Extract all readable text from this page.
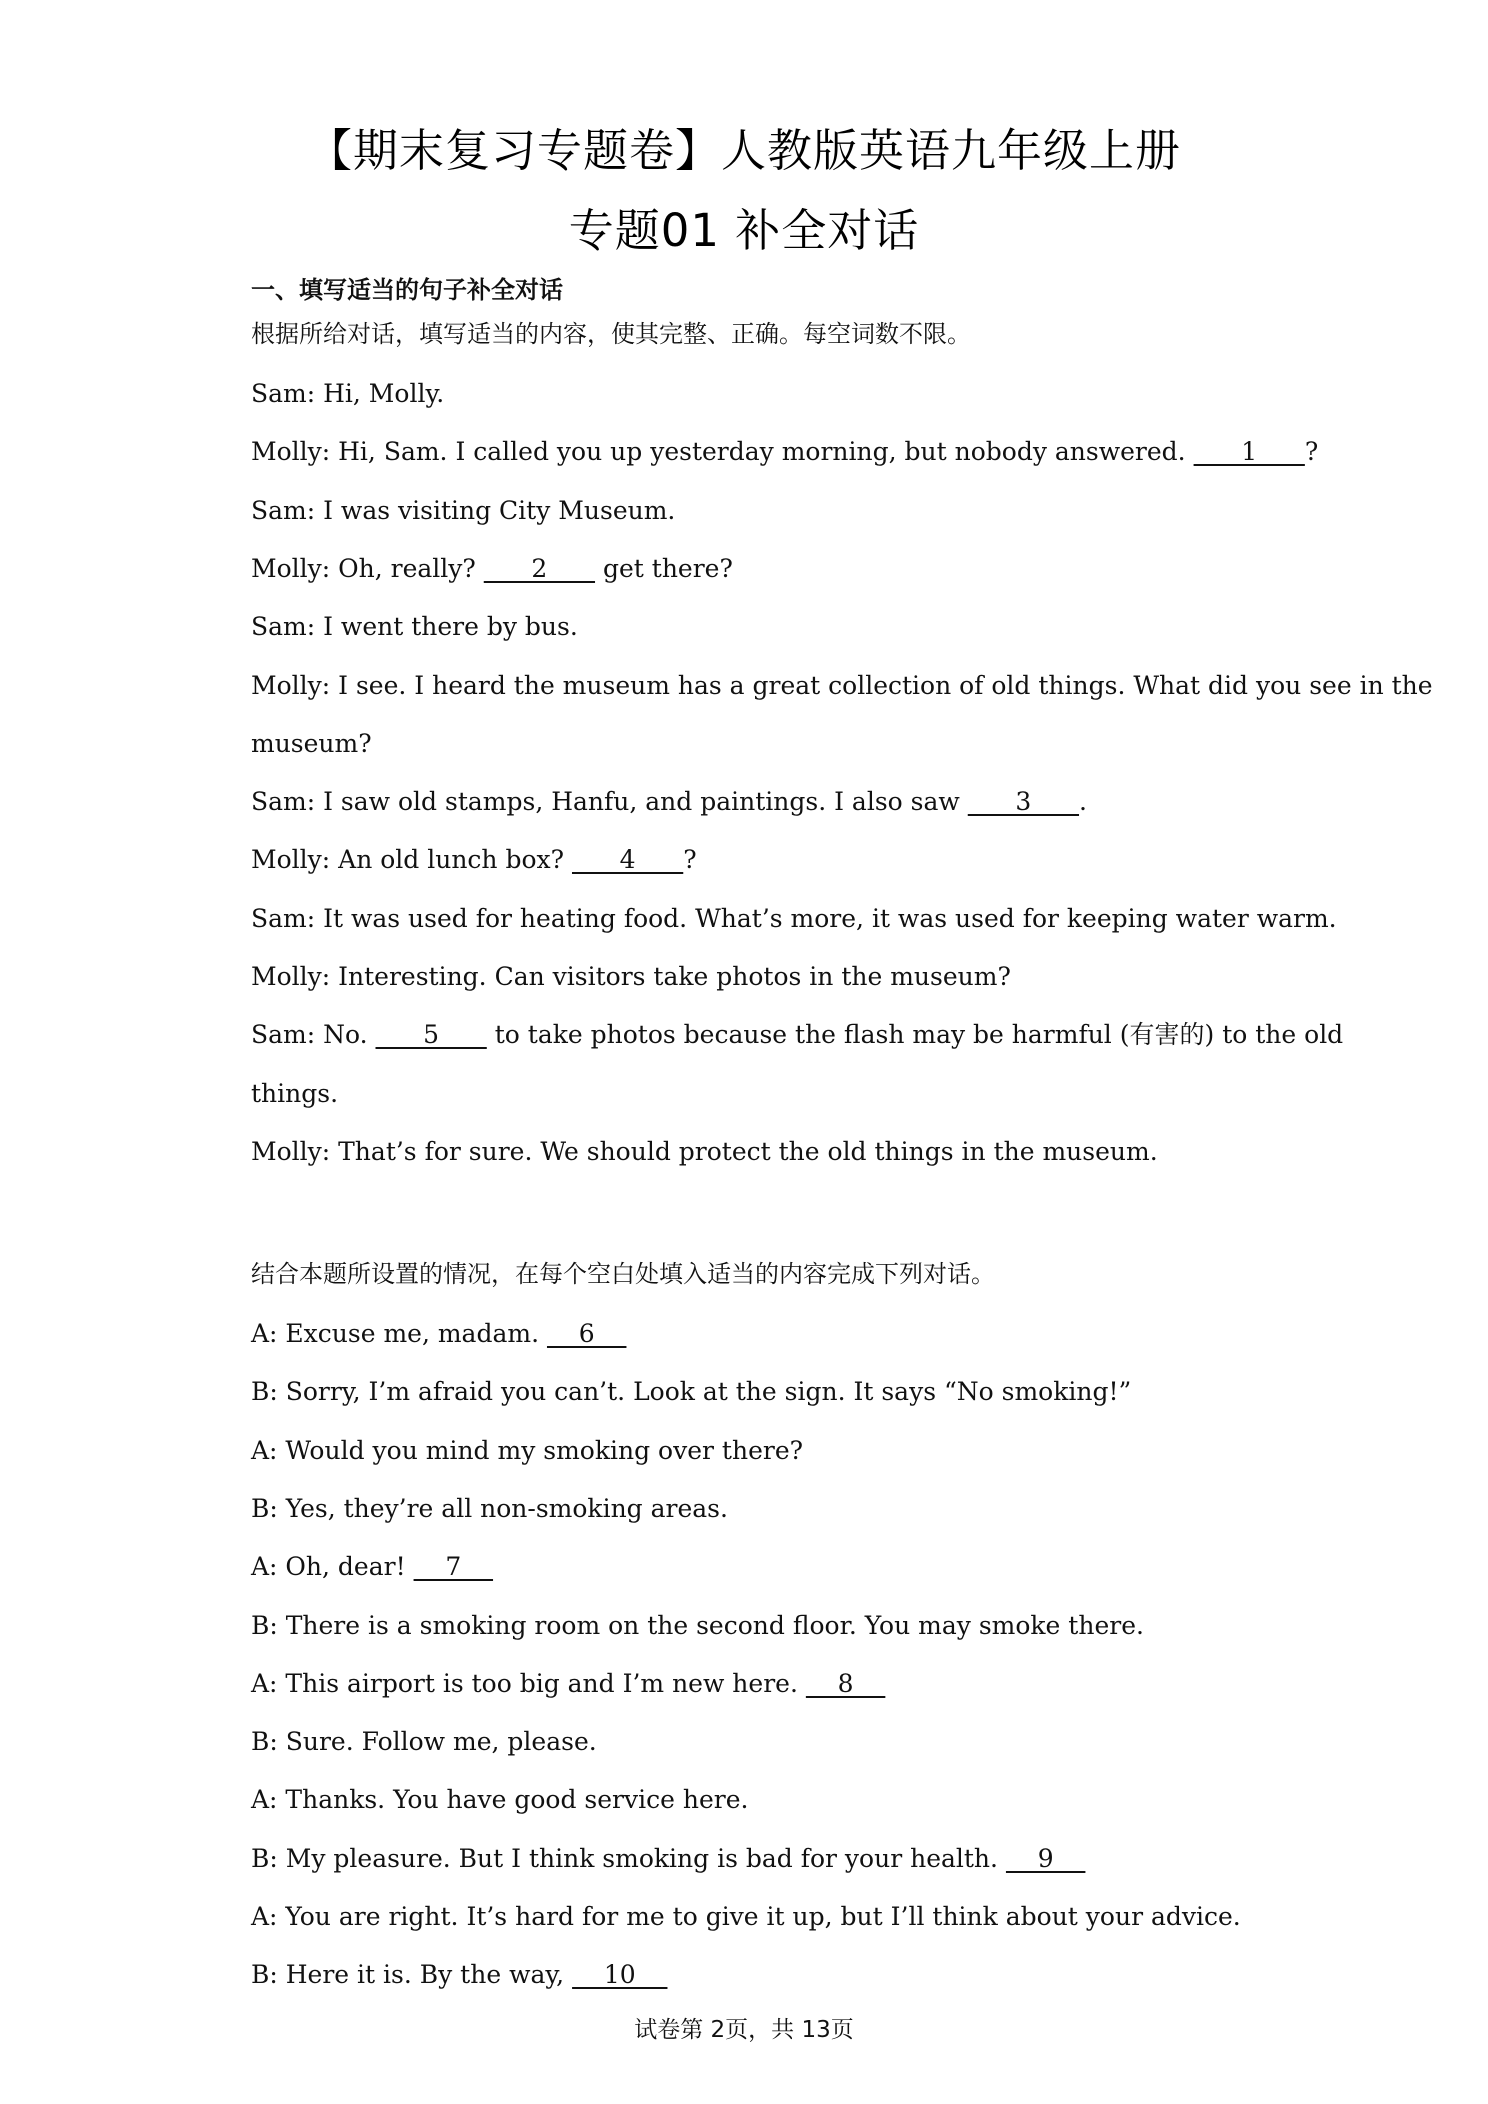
【期末复习专题卷】人教版英语九年级上册
专题01 补全对话
一、填写适当的句子补全对话
根据所给对话，填写适当的内容，使其完整、正确。每空词数不限。
Sam: Hi, Molly.
Molly: Hi, Sam. I called you up yesterday morning, but nobody answered.       1      ?
Sam: I was visiting City Museum.
Molly: Oh, really?       2       get there?
Sam: I went there by bus.
Molly: I see. I heard the museum has a great collection of old things. What did you see in the
museum?
Sam: I saw old stamps, Hanfu, and paintings. I also saw       3      .
Molly: An old lunch box?       4      ?
Sam: It was used for heating food. What’s more, it was used for keeping water warm.
Molly: Interesting. Can visitors take photos in the museum?
Sam: No.       5       to take photos because the flash may be harmful (有害的) to the old
things.
Molly: That’s for sure. We should protect the old things in the museum.
结合本题所设置的情况，在每个空白处填入适当的内容完成下列对话。
A: Excuse me, madam.     6
B: Sorry, I’m afraid you can’t. Look at the sign. It says “No smoking!”
A: Would you mind my smoking over there?
B: Yes, they’re all non-smoking areas.
A: Oh, dear!     7
B: There is a smoking room on the second floor. You may smoke there.
A: This airport is too big and I’m new here.     8
B: Sure. Follow me, please.
A: Thanks. You have good service here.
B: My pleasure. But I think smoking is bad for your health.     9
A: You are right. It’s hard for me to give it up, but I’ll think about your advice.
B: Here it is. By the way,     10
试卷第 2页，共 13页
